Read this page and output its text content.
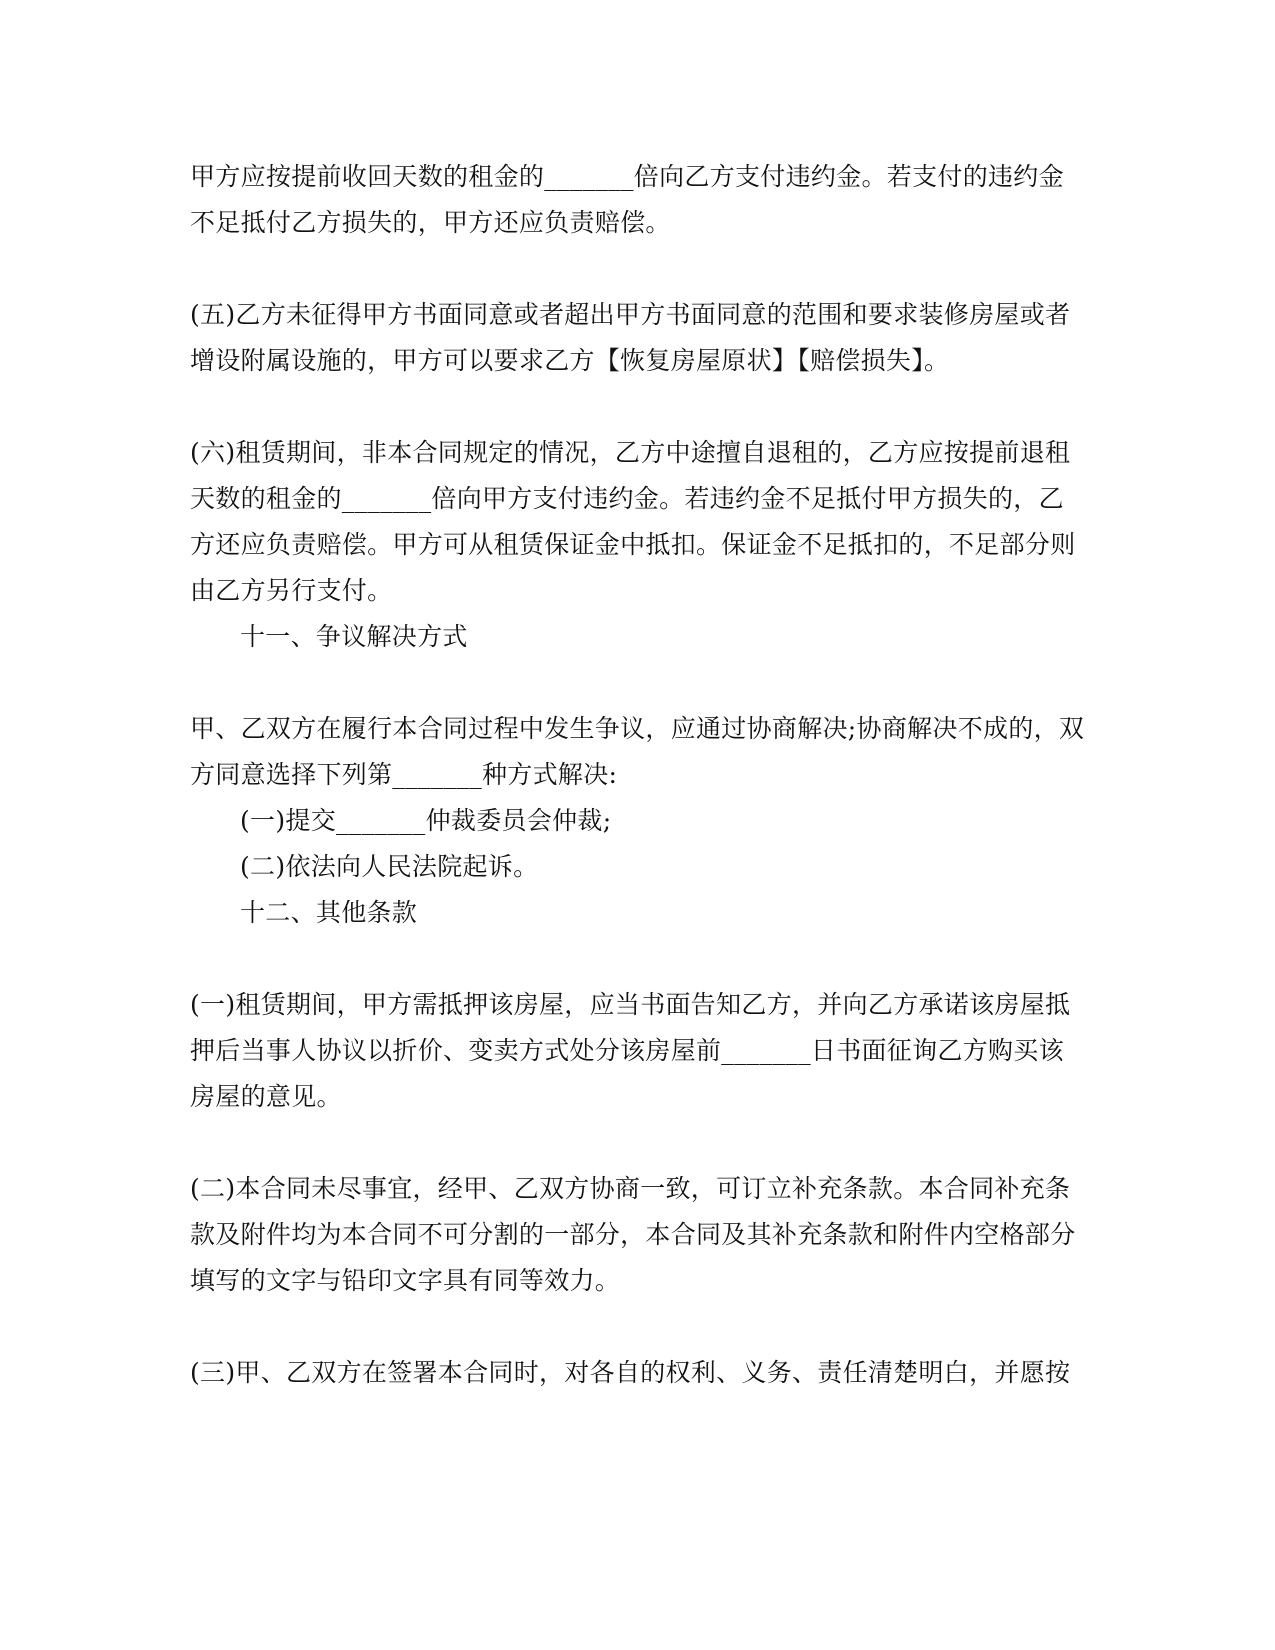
甲方应按提前收回天数的租金的_______倍向乙方支付违约金。若支付的违约金
不足抵付乙方损失的，甲方还应负责赔偿。
(五)乙方未征得甲方书面同意或者超出甲方书面同意的范围和要求装修房屋或者
增设附属设施的，甲方可以要求乙方【恢复房屋原状】【赔偿损失】。
(六)租赁期间，非本合同规定的情况，乙方中途擅自退租的，乙方应按提前退租
天数的租金的_______倍向甲方支付违约金。若违约金不足抵付甲方损失的，乙
方还应负责赔偿。甲方可从租赁保证金中抵扣。保证金不足抵扣的，不足部分则
由乙方另行支付。
十一、争议解决方式
甲、乙双方在履行本合同过程中发生争议，应通过协商解决;协商解决不成的，双
方同意选择下列第_______种方式解决:
(一)提交_______仲裁委员会仲裁;
(二)依法向人民法院起诉。
十二、其他条款
(一)租赁期间，甲方需抵押该房屋，应当书面告知乙方，并向乙方承诺该房屋抵
押后当事人协议以折价、变卖方式处分该房屋前_______日书面征询乙方购买该
房屋的意见。
(二)本合同未尽事宜，经甲、乙双方协商一致，可订立补充条款。本合同补充条
款及附件均为本合同不可分割的一部分，本合同及其补充条款和附件内空格部分
填写的文字与铅印文字具有同等效力。
(三)甲、乙双方在签署本合同时，对各自的权利、义务、责任清楚明白，并愿按
